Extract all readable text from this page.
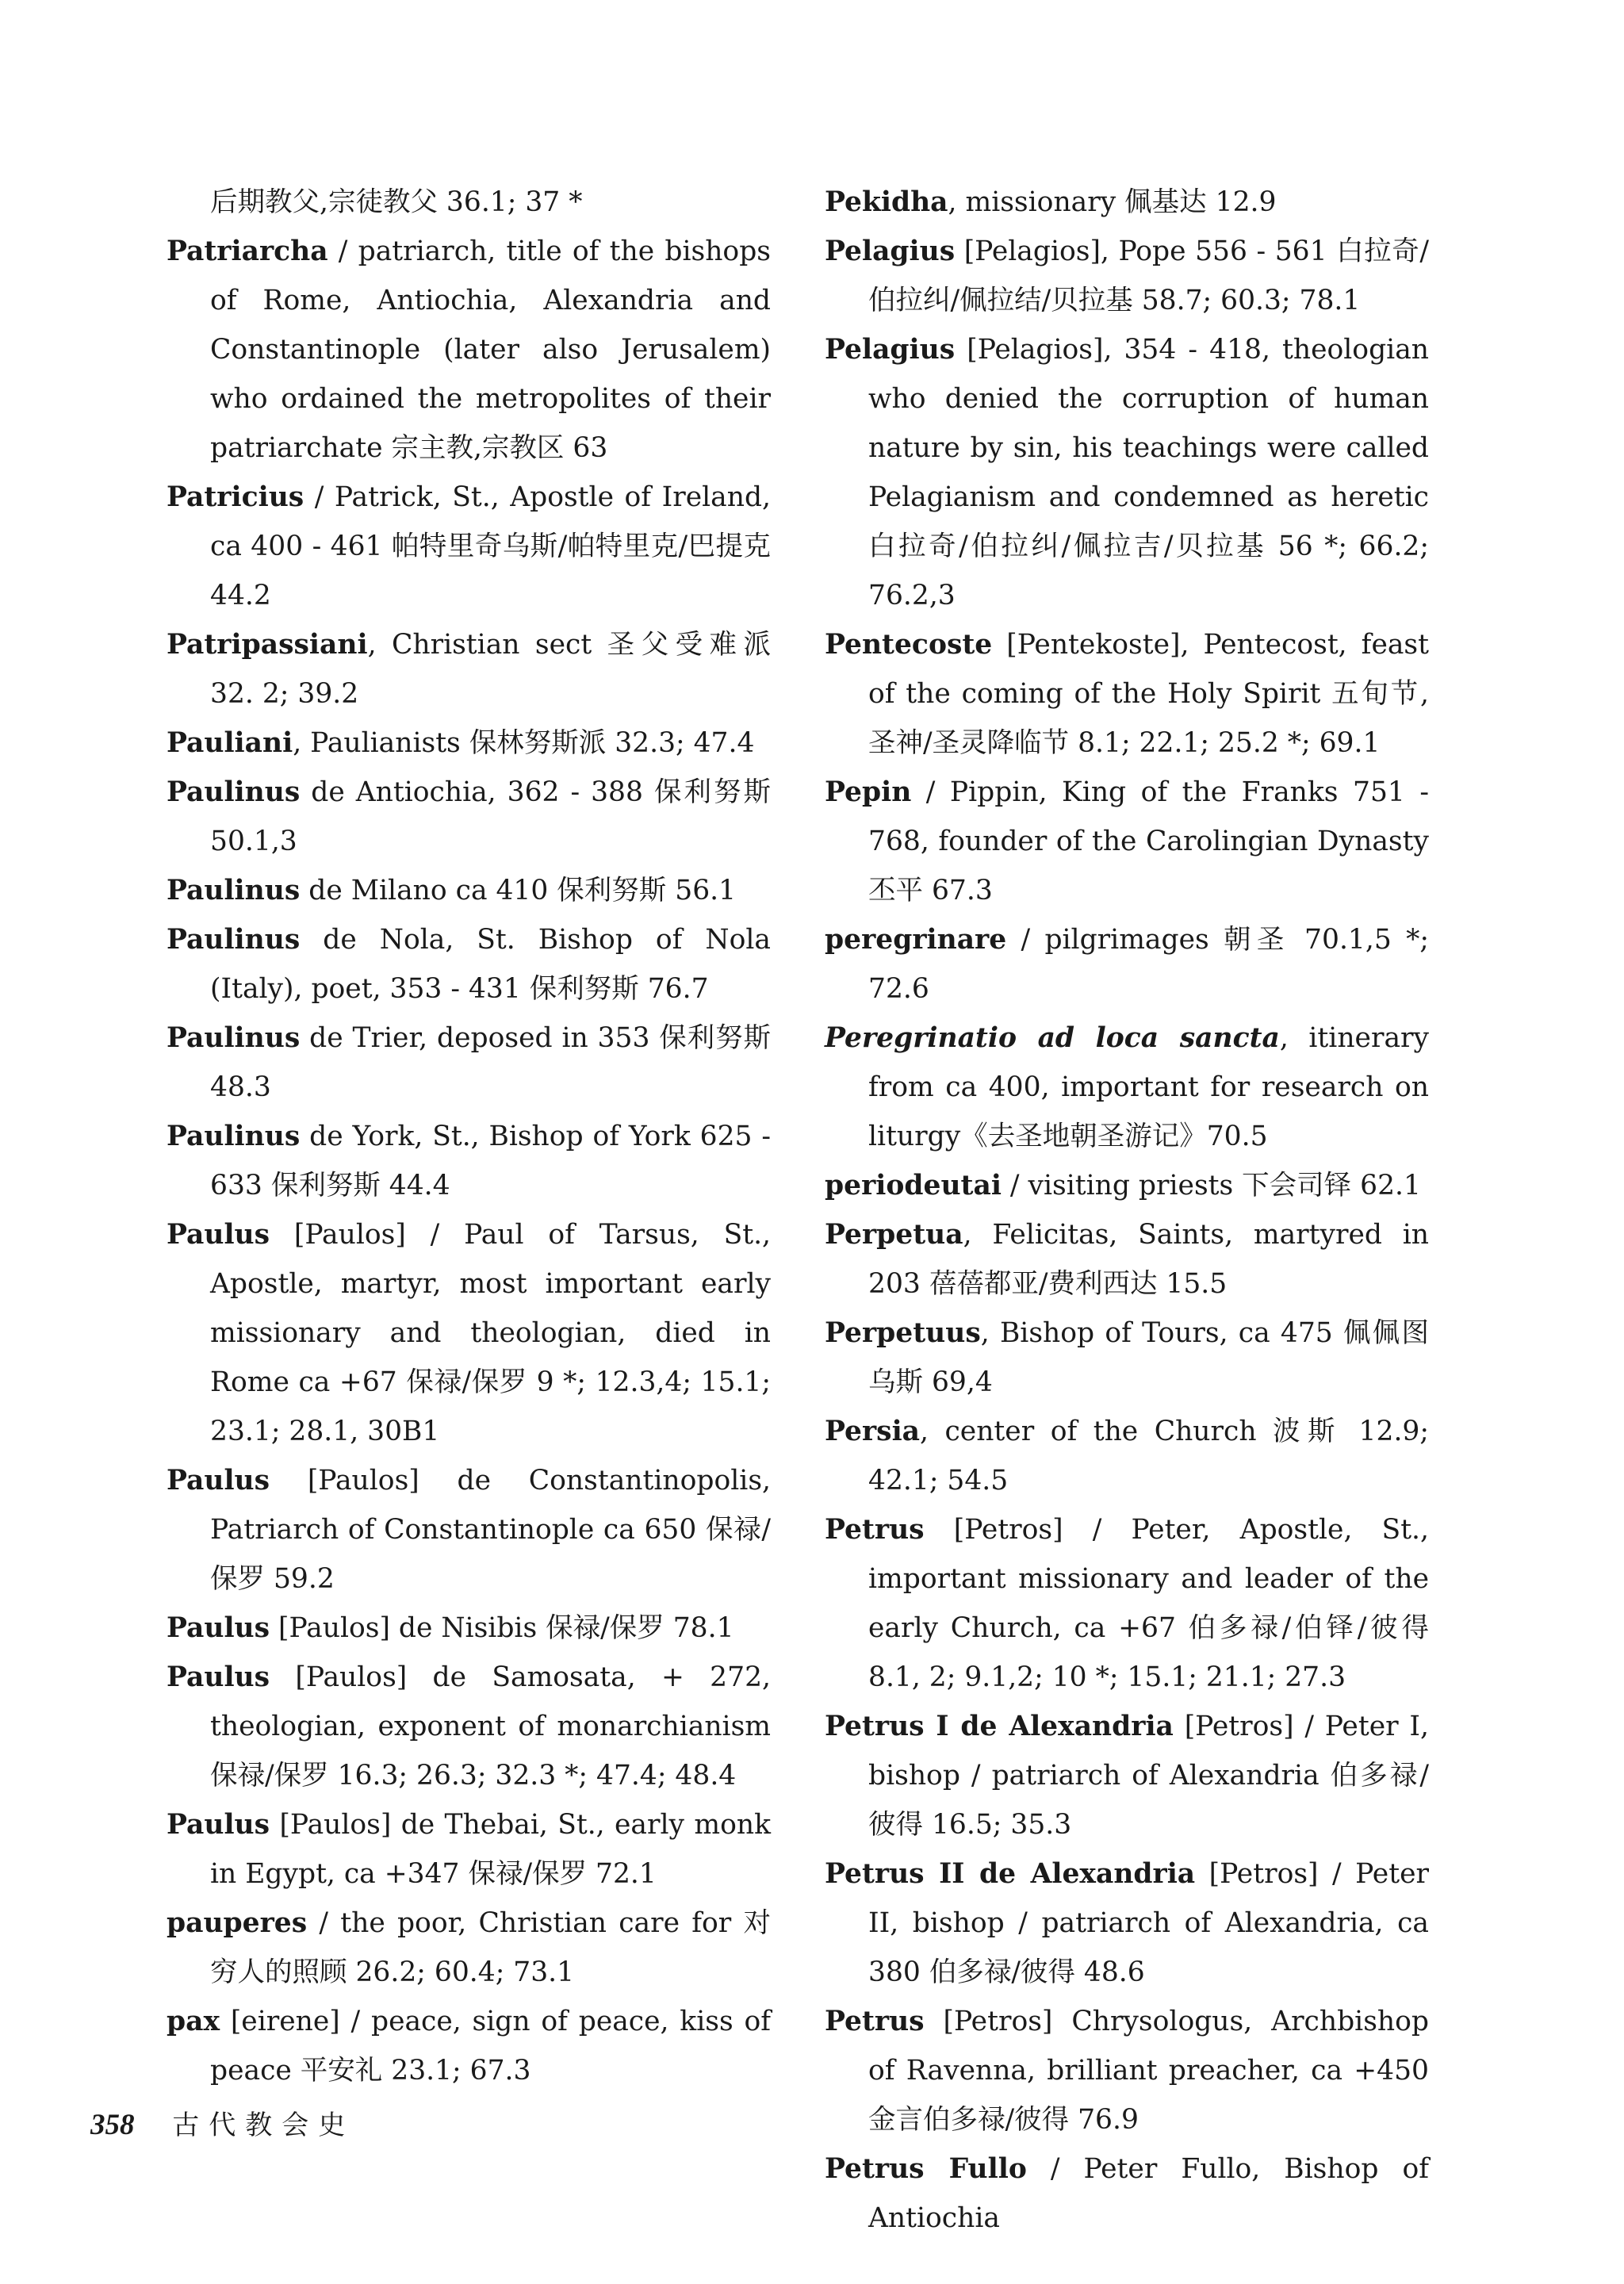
后期教父,宗徒教父 36.1; 37 *

Patriarcha / patriarch, title of the bishops of Rome, Antiochia, Alexandria and Constantinople (later also Jerusalem) who ordained the metropolites of their patriarchate 宗主教,宗教区 63

Patricius / Patrick, St., Apostle of Ireland, ca 400 - 461 帕特里奇乌斯/帕特里克/巴提克 44.2

Patripassiani, Christian sect 圣父受难派 32. 2; 39.2

Pauliani, Paulianists 保林努斯派 32.3; 47.4

Paulinus de Antiochia, 362 - 388 保利努斯 50.1,3

Paulinus de Milano ca 410 保利努斯 56.1

Paulinus de Nola, St. Bishop of Nola (Italy), poet, 353 - 431 保利努斯 76.7

Paulinus de Trier, deposed in 353 保利努斯 48.3

Paulinus de York, St., Bishop of York 625 - 633 保利努斯 44.4

Paulus [Paulos] / Paul of Tarsus, St., Apostle, martyr, most important early missionary and theologian, died in Rome ca +67 保禄/保罗 9 *; 12.3,4; 15.1; 23.1; 28.1, 30B1

Paulus [Paulos] de Constantinopolis, Patriarch of Constantinople ca 650 保禄/保罗 59.2

Paulus [Paulos] de Nisibis 保禄/保罗 78.1

Paulus [Paulos] de Samosata, + 272, theologian, exponent of monarchianism 保禄/保罗 16.3; 26.3; 32.3 *; 47.4; 48.4

Paulus [Paulos] de Thebai, St., early monk in Egypt, ca +347 保禄/保罗 72.1

pauperes / the poor, Christian care for 对穷人的照顾 26.2; 60.4; 73.1

pax [eirene] / peace, sign of peace, kiss of peace 平安礼 23.1; 67.3

Pekidha, missionary 佩基达 12.9

Pelagius [Pelagios], Pope 556 - 561 白拉奇/伯拉纠/佩拉结/贝拉基 58.7; 60.3; 78.1

Pelagius [Pelagios], 354 - 418, theologian who denied the corruption of human nature by sin, his teachings were called Pelagianism and condemned as heretic 白拉奇/伯拉纠/佩拉吉/贝拉基 56 *; 66.2; 76.2,3

Pentecoste [Pentekoste], Pentecost, feast of the coming of the Holy Spirit 五旬节,圣神/圣灵降临节 8.1; 22.1; 25.2 *; 69.1

Pepin / Pippin, King of the Franks 751 - 768, founder of the Carolingian Dynasty 丕平 67.3

peregrinare / pilgrimages 朝圣 70.1,5 *; 72.6

Peregrinatio ad loca sancta, itinerary from ca 400, important for research on liturgy《去圣地朝圣游记》70.5

periodeutai / visiting priests 下会司铎 62.1

Perpetua, Felicitas, Saints, martyred in 203 蓓蓓都亚/费利西达 15.5

Perpetuus, Bishop of Tours, ca 475 佩佩图乌斯 69,4

Persia, center of the Church 波斯 12.9; 42.1; 54.5

Petrus [Petros] / Peter, Apostle, St., important missionary and leader of the early Church, ca +67 伯多禄/伯铎/彼得 8.1, 2; 9.1,2; 10 *; 15.1; 21.1; 27.3

Petrus I de Alexandria [Petros] / Peter I, bishop / patriarch of Alexandria 伯多禄/彼得 16.5; 35.3

Petrus II de Alexandria [Petros] / Peter II, bishop / patriarch of Alexandria, ca 380 伯多禄/彼得 48.6

Petrus [Petros] Chrysologus, Archbishop of Ravenna, brilliant preacher, ca +450 金言伯多禄/彼得 76.9

Petrus Fullo / Peter Fullo, Bishop of Antiochia

358 古代教会史
